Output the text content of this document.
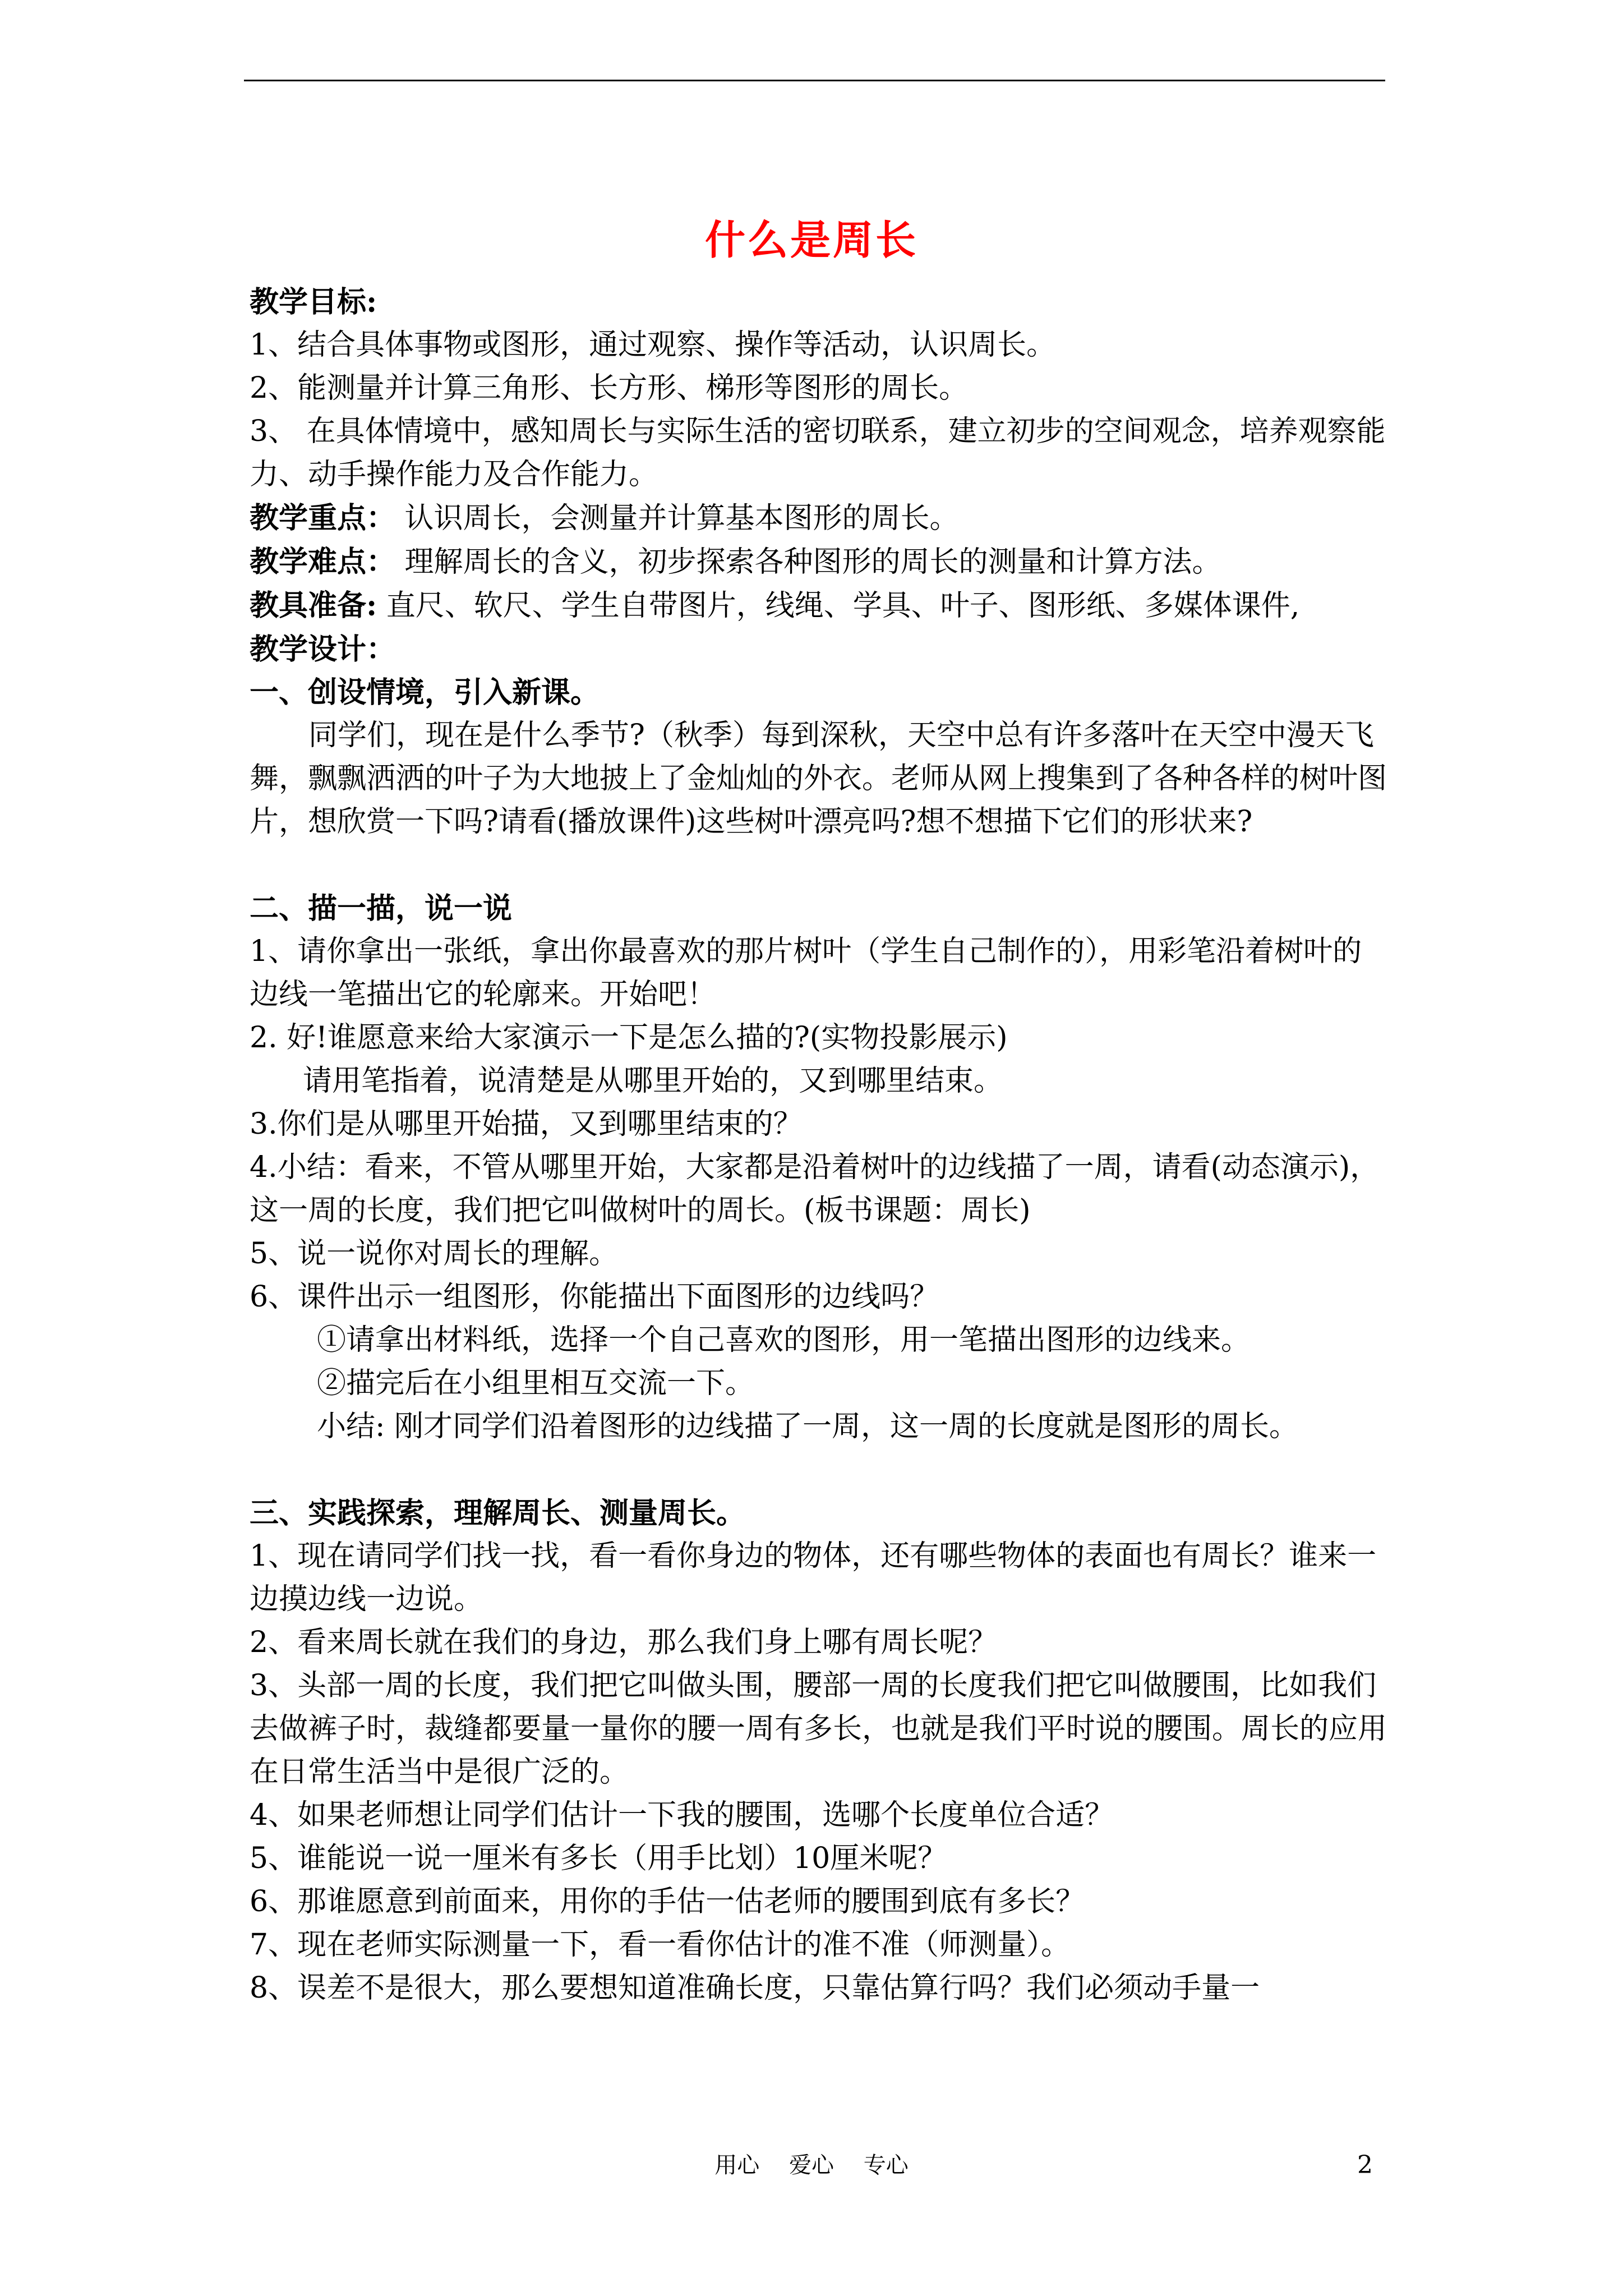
什么是周长

教学目标:

1、结合具体事物或图形，通过观察、操作等活动，认识周长。

2、能测量并计算三角形、长方形、梯形等图形的周长。

3、 在具体情境中，感知周长与实际生活的密切联系，建立初步的空间观念，培养观察能力、动手操作能力及合作能力。

教学重点： 认识周长，会测量并计算基本图形的周长。

教学难点： 理解周长的含义，初步探索各种图形的周长的测量和计算方法。

教具准备: 直尺、软尺、学生自带图片，线绳、学具、叶子、图形纸、多媒体课件,

教学设计：

一、创设情境，引入新课。

同学们，现在是什么季节?（秋季）每到深秋，天空中总有许多落叶在天空中漫天飞舞，飘飘洒洒的叶子为大地披上了金灿灿的外衣。老师从网上搜集到了各种各样的树叶图片，想欣赏一下吗?请看(播放课件)这些树叶漂亮吗?想不想描下它们的形状来?

二、描一描，说一说

1、请你拿出一张纸，拿出你最喜欢的那片树叶（学生自己制作的），用彩笔沿着树叶的边线一笔描出它的轮廓来。开始吧！

2. 好!谁愿意来给大家演示一下是怎么描的?(实物投影展示)

请用笔指着，说清楚是从哪里开始的，又到哪里结束。

3.你们是从哪里开始描，又到哪里结束的？

4.小结：看来，不管从哪里开始，大家都是沿着树叶的边线描了一周，请看(动态演示)，这一周的长度，我们把它叫做树叶的周长。(板书课题：周长)

5、说一说你对周长的理解。

6、课件出示一组图形，你能描出下面图形的边线吗？

①请拿出材料纸，选择一个自己喜欢的图形，用一笔描出图形的边线来。

②描完后在小组里相互交流一下。

小结: 刚才同学们沿着图形的边线描了一周，这一周的长度就是图形的周长。

三、实践探索，理解周长、测量周长。

1、现在请同学们找一找，看一看你身边的物体，还有哪些物体的表面也有周长？谁来一边摸边线一边说。

2、看来周长就在我们的身边，那么我们身上哪有周长呢？

3、头部一周的长度，我们把它叫做头围，腰部一周的长度我们把它叫做腰围，比如我们去做裤子时，裁缝都要量一量你的腰一周有多长，也就是我们平时说的腰围。周长的应用在日常生活当中是很广泛的。

4、如果老师想让同学们估计一下我的腰围，选哪个长度单位合适？

5、谁能说一说一厘米有多长（用手比划）10厘米呢？

6、那谁愿意到前面来，用你的手估一估老师的腰围到底有多长？

7、现在老师实际测量一下，看一看你估计的准不准（师测量）。

8、误差不是很大，那么要想知道准确长度，只靠估算行吗？我们必须动手量一

用心 爱心 专心	2
